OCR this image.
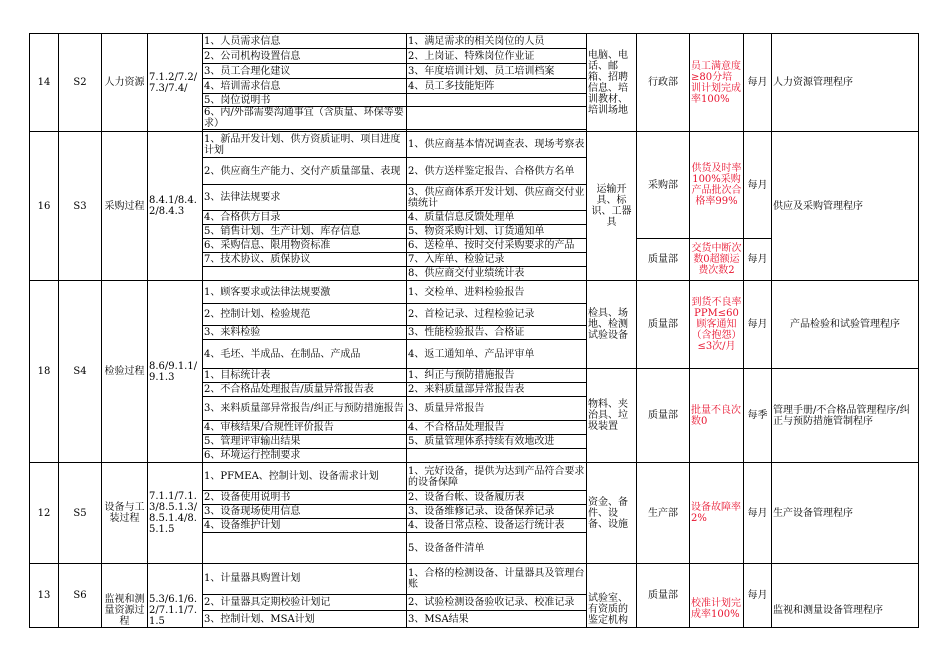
14	S2	人力资源	7.1.2/7.2/7.3/7.4/	1、人员需求信息	1、满足需求的相关岗位的人员	电脑、电话、邮箱、招聘信息、培训教材、培训场地	行政部	员工满意度≥80分培训计划完成率100%	每月	人力资源管理程序
				2、公司机构设置信息	2、上岗证、特殊岗位作业证					
				3、员工合理化建议	3、年度培训计划、员工培训档案					
				4、培训需求信息	4、员工多技能矩阵					
				5、岗位说明书						
				6、内/外部需要沟通事宜（含质量、环保等要求）						

16	S3	采购过程	8.4.1/8.4.2/8.4.3	1、新品开发计划、供方资质证明、项目进度计划	1、供应商基本情况调查表、现场考察表	运输开具、标识、工器具	采购部	供货及时率100%采购产品批次合格率99%	每月	供应及采购管理程序
				2、供应商生产能力、交付产质量部量、表现	2、供方送样鉴定报告、合格供方名单					
				3、法律法规要求	3、供应商体系开发计划、供应商交付业绩统计					
				4、合格供方目录	4、质量信息反馈处理单					
				5、销售计划、生产计划、库存信息	5、物资采购计划、订货通知单					
				6、采购信息、限用物资标准	6、送检单、按时交付采购要求的产品		质量部	交货中断次数0超额运费次数2	每月	
				7、技术协议、质保协议	7、入库单、检验记录					
					8、供应商交付业绩统计表					
18	S4	检验过程	8.6/9.1.1/9.1.3	1、顾客要求或法律法规要激	1、交检单、进料检验报告	检具、场地、检测试验设备	质量部	到货不良率PPM≤60顾客通知（含抱怨）≤3次/月	每月	产品检验和试验管理程序
				2、控制计划、检验规范	2、首检记录、过程检验记录					
				3、来料检验	3、性能检验报告、合格证					
				4、毛坯、半成品、在制品、产成品	4、返工通知单、产品评审单					
				1、目标统计表	1、纠正与预防措施报告	物料、夹治具、垃圾装置	质量部	批量不良次数0	每季	管理手册/不合格品管理程序/纠正与预防措施管制程序
				2、不合格品处理报告/质量异常报告表	2、来料质量部异常报告表					
				3、来料质量部异常报告/纠正与预防措施报告	3、质量异常报告					
				4、审核结果/合规性评价报告	4、不合格品处理报告					
				5、管理评审输出结果	5、质量管理体系持续有效地改进					
				6、环境运行控制要求						
12	S5	设备与工装过程	7.1.1/7.1.3/8.5.1.3/8.5.1.4/8.5.1.5	1、PFMEA、控制计划、设备需求计划	1、完好设备，提供为达到产品符合要求的设备保障	资金、备件、设备、设施	生产部	设备故障率2%	每月	生产设备管理程序
				2、设备使用说明书	2、设备台帐、设备履历表					
				3、设备现场使用信息	3、设备维修记录、设备保养记录					
				4、设备维护计划	4、设备日常点检、设备运行统计表					
					5、设备备件清单					
13	S6	监视和测量资源过程	5.3/6.1/6.2/7.1.1/7.1.5	1、计量器具购置计划	1、合格的检测设备、计量器具及管理台账	试验室、有资质的鉴定机构	质量部	校准计划完成率100%	每月	监视和测量设备管理程序
				2、计量器具定期校验计划记	2、试验检测设备验收记录、校准记录					
				3、控制计划、MSA计划	3、MSA结果					
